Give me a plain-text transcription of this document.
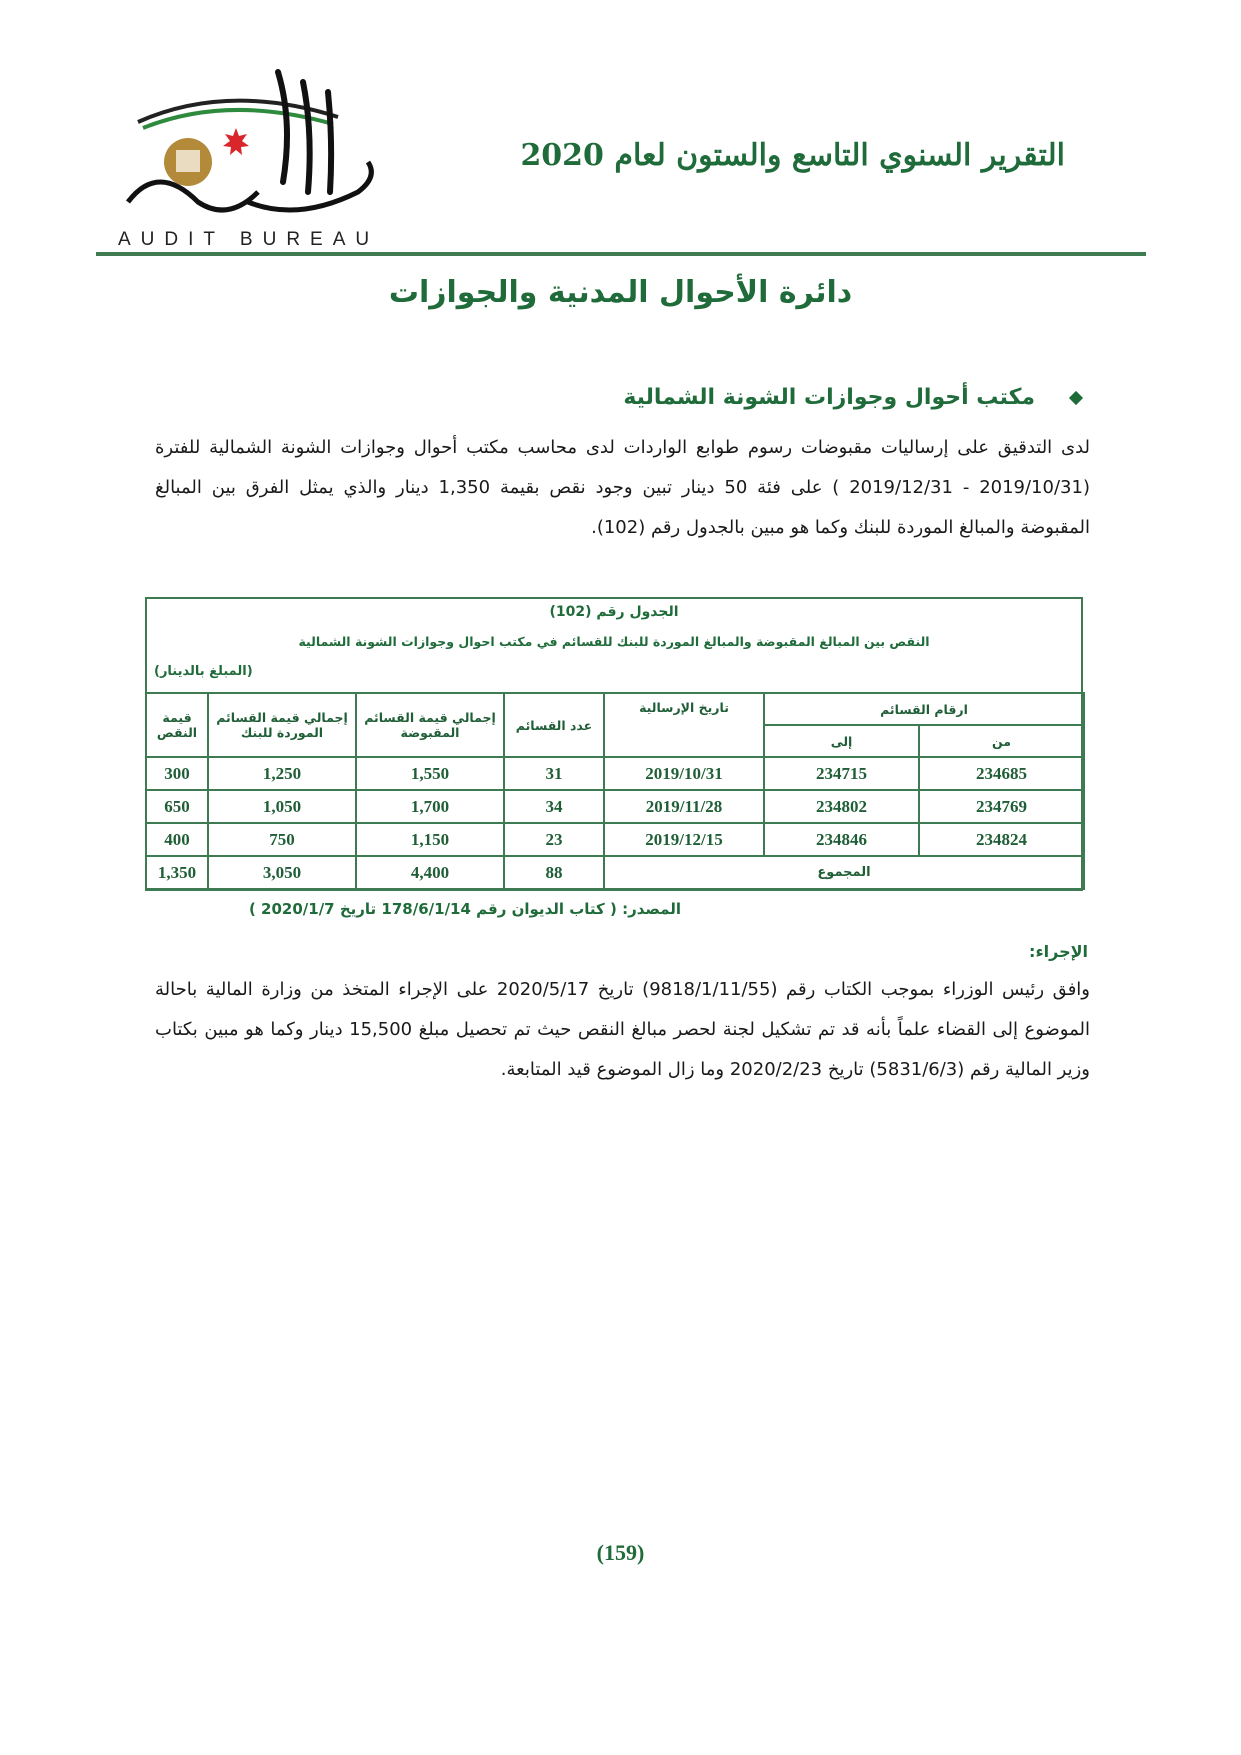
AUDIT BUREAU
التقرير السنوي التاسع والستون لعام 2020
دائرة الأحوال المدنية والجوازات
مكتب أحوال وجوازات الشونة الشمالية
لدى التدقيق على إرساليات مقبوضات رسوم طوابع الواردات لدى محاسب مكتب أحوال وجوازات الشونة الشمالية للفترة (2019/10/31 - 2019/12/31 ) على فئة 50 دينار تبين وجود نقص بقيمة 1,350 دينار والذي يمثل الفرق بين المبالغ المقبوضة والمبالغ الموردة للبنك وكما هو مبين بالجدول رقم (102).
الجدول رقم (102)
النقص بين المبالغ المقبوضة والمبالغ الموردة للبنك للقسائم في مكتب احوال وجوازات الشونة الشمالية
(المبلغ بالدينار)
ارقام القسائم		تاريخ الإرسالية	عدد القسائم	إجمالي قيمة القسائم المقبوضة	إجمالي قيمة القسائم الموردة للبنك	قيمة النقص
من	إلى					
234685	234715	2019/10/31	31	1,550	1,250	300
234769	234802	2019/11/28	34	1,700	1,050	650
234824	234846	2019/12/15	23	1,150	750	400
المجموع			88	4,400	3,050	1,350
المصدر: ( كتاب الديوان رقم 178/6/1/14 تاريخ 2020/1/7 )
الإجراء:
وافق رئيس الوزراء بموجب الكتاب رقم (9818/1/11/55) تاريخ 2020/5/17 على الإجراء المتخذ من وزارة المالية باحالة الموضوع إلى القضاء علماً بأنه قد تم تشكيل لجنة لحصر مبالغ النقص حيث تم تحصيل مبلغ 15,500 دينار وكما هو مبين بكتاب وزير المالية رقم (5831/6/3) تاريخ 2020/2/23 وما زال الموضوع قيد المتابعة.
(159)
